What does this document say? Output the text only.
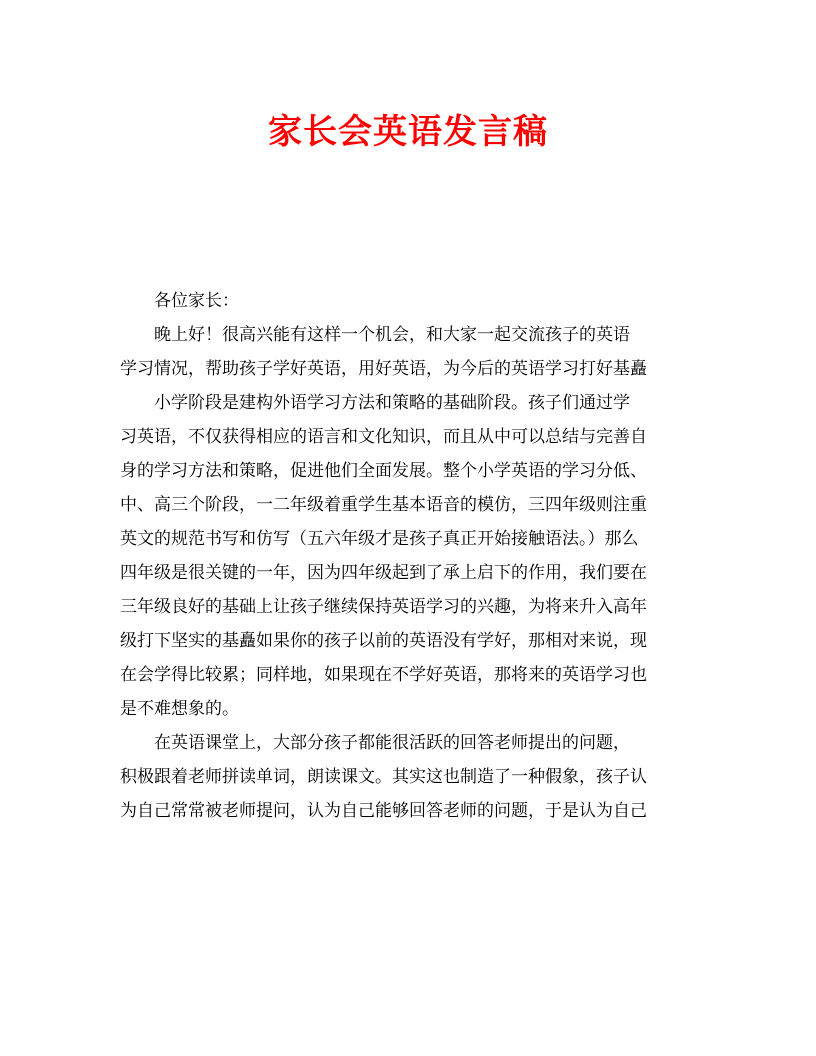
家长会英语发言稿

各位家长：

晚上好！很高兴能有这样一个机会，和大家一起交流孩子的英语
学习情况，帮助孩子学好英语，用好英语，为今后的英语学习打好基矗

小学阶段是建构外语学习方法和策略的基础阶段。孩子们通过学
习英语，不仅获得相应的语言和文化知识，而且从中可以总结与完善自
身的学习方法和策略，促进他们全面发展。整个小学英语的学习分低、
中、高三个阶段，一二年级着重学生基本语音的模仿，三四年级则注重
英文的规范书写和仿写（五六年级才是孩子真正开始接触语法。）那么
四年级是很关键的一年，因为四年级起到了承上启下的作用，我们要在
三年级良好的基础上让孩子继续保持英语学习的兴趣，为将来升入高年
级打下坚实的基矗如果你的孩子以前的英语没有学好，那相对来说，现
在会学得比较累；同样地，如果现在不学好英语，那将来的英语学习也
是不难想象的。

在英语课堂上，大部分孩子都能很活跃的回答老师提出的问题，
积极跟着老师拼读单词，朗读课文。其实这也制造了一种假象，孩子认
为自己常常被老师提问，认为自己能够回答老师的问题，于是认为自己
